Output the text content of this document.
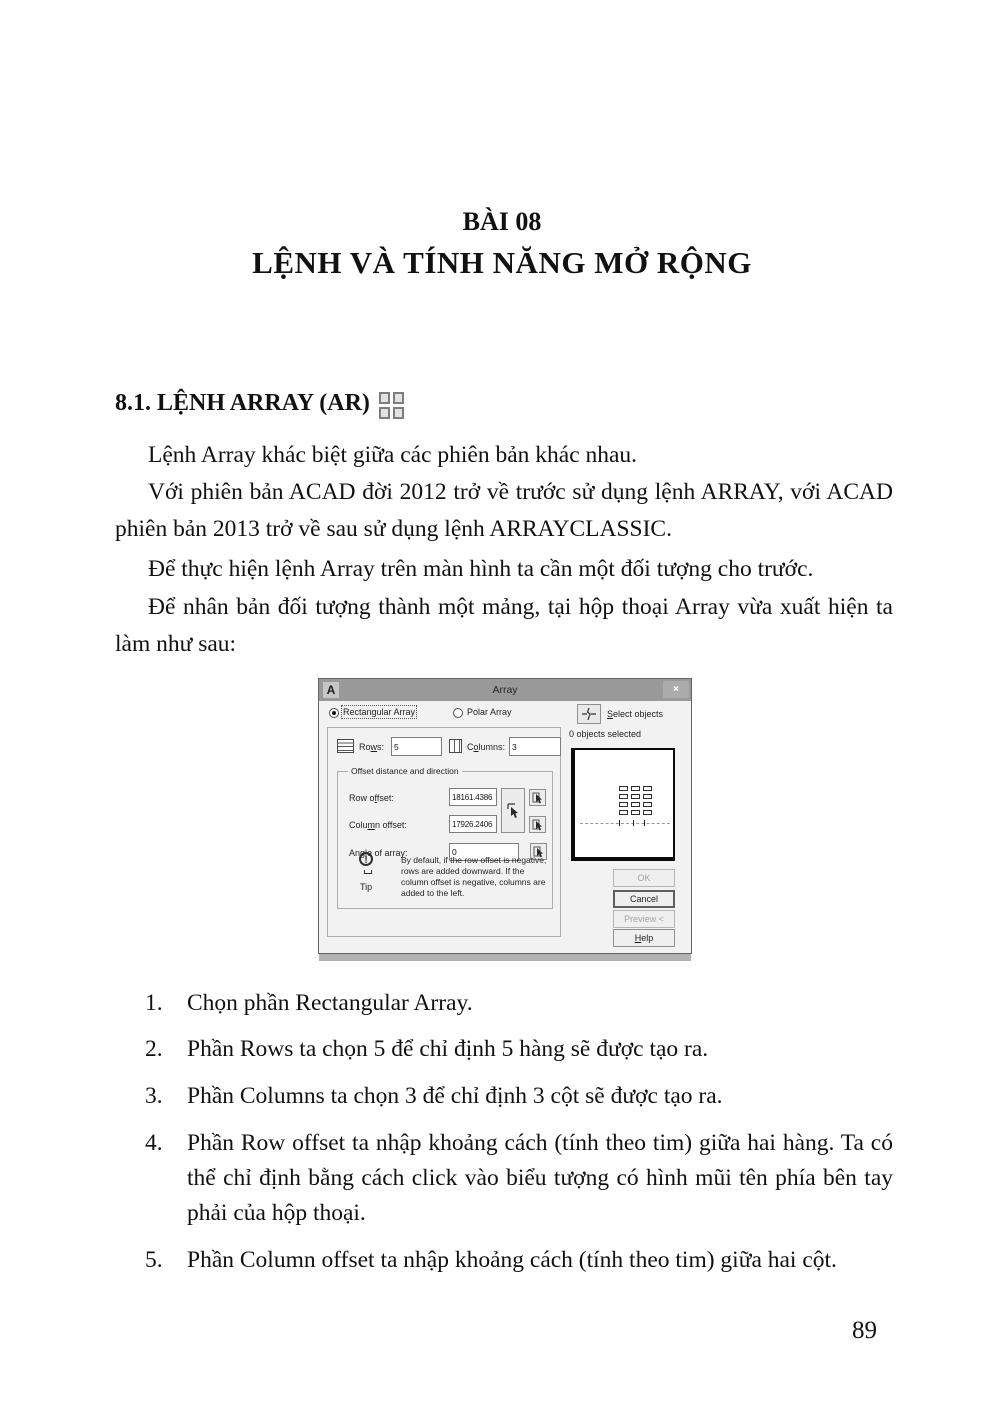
BÀI 08
LỆNH VÀ TÍNH NĂNG MỞ RỘNG
8.1. LỆNH ARRAY (AR)

Lệnh Array khác biệt giữa các phiên bản khác nhau.

Với phiên bản ACAD đời 2012 trở về trước sử dụng lệnh ARRAY, với ACAD phiên bản 2013 trở về sau sử dụng lệnh ARRAYCLASSIC.

Để thực hiện lệnh Array trên màn hình ta cần một đối tượng cho trước.

Để nhân bản đối tượng thành một mảng, tại hộp thoại Array vừa xuất hiện ta làm như sau:

A	Array	×
Rectangular Array	Polar Array	Select objects
0 objects selected
Rows:
5	Columns:
3
Offset distance and direction
Row offset:
18161.4386
Column offset:
17926.2406
Angle of array:
0
!
Tip
By default, if the row offset is negative,
rows are added downward. If the
column offset is negative, columns are
added to the left.
OK
Cancel
Preview <
Help
1. Chọn phần Rectangular Array.
2. Phần Rows ta chọn 5 để chỉ định 5 hàng sẽ được tạo ra.
3. Phần Columns ta chọn 3 để chỉ định 3 cột sẽ được tạo ra.
4. Phần Row offset ta nhập khoảng cách (tính theo tim) giữa hai hàng. Ta có thể chỉ định bằng cách click vào biểu tượng có hình mũi tên phía bên tay phải của hộp thoại.
5. Phần Column offset ta nhập khoảng cách (tính theo tim) giữa hai cột.
89
